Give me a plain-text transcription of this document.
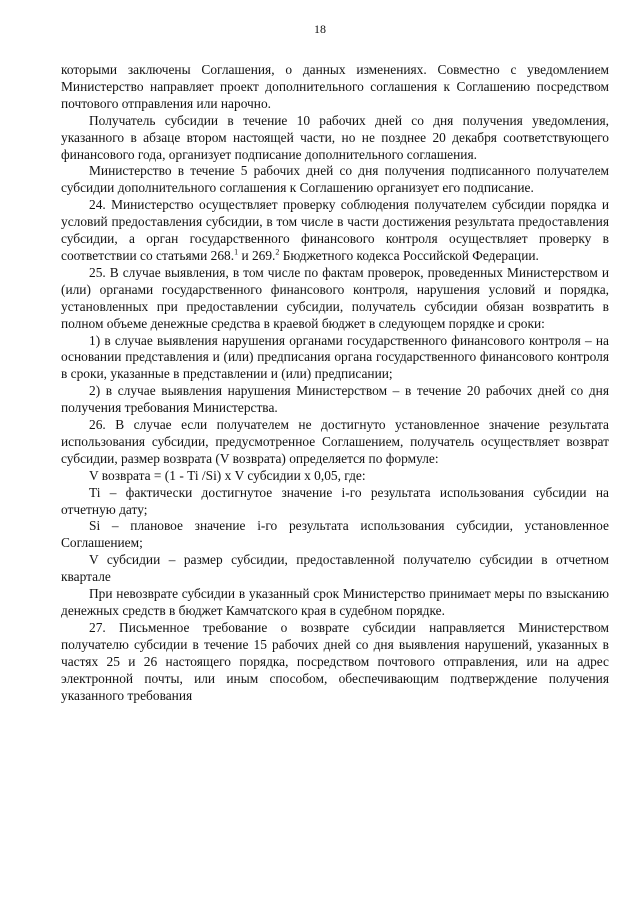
18

которыми заключены Соглашения, о данных изменениях. Совместно с уведомлением Министерство направляет проект дополнительного соглашения к Соглашению посредством почтового отправления или нарочно.

Получатель субсидии в течение 10 рабочих дней со дня получения уведомления, указанного в абзаце втором настоящей части, но не позднее 20 декабря соответствующего финансового года, организует подписание дополнительного соглашения.

Министерство в течение 5 рабочих дней со дня получения подписанного получателем субсидии дополнительного соглашения к Соглашению организует его подписание.

24. Министерство осуществляет проверку соблюдения получателем субсидии порядка и условий предоставления субсидии, в том числе в части достижения результата предоставления субсидии, а орган государственного финансового контроля осуществляет проверку в соответствии со статьями 268.$^1$ и 269.$^2$ Бюджетного кодекса Российской Федерации.

25. В случае выявления, в том числе по фактам проверок, проведенных Министерством и (или) органами государственного финансового контроля, нарушения условий и порядка, установленных при предоставлении субсидии, получатель субсидии обязан возвратить в полном объеме денежные средства в краевой бюджет в следующем порядке и сроки:

1) в случае выявления нарушения органами государственного финансового контроля – на основании представления и (или) предписания органа государственного финансового контроля в сроки, указанные в представлении и (или) предписании;

2) в случае выявления нарушения Министерством – в течение 20 рабочих дней со дня получения требования Министерства.

26. В случае если получателем не достигнуто установленное значение результата использования субсидии, предусмотренное Соглашением, получатель осуществляет возврат субсидии, размер возврата (V возврата) определяется по формуле:

V возврата = (1 - Ti /Si) х V субсидии х 0,05, где:

Ti – фактически достигнутое значение i-го результата использования субсидии на отчетную дату;

Si – плановое значение i-го результата использования субсидии, установленное Соглашением;

V субсидии – размер субсидии, предоставленной получателю субсидии в отчетном квартале

При невозврате субсидии в указанный срок Министерство принимает меры по взысканию денежных средств в бюджет Камчатского края в судебном порядке.

27. Письменное требование о возврате субсидии направляется Министерством получателю субсидии в течение 15 рабочих дней со дня выявления нарушений, указанных в частях 25 и 26 настоящего порядка, посредством почтового отправления, или на адрес электронной почты, или иным способом, обеспечивающим подтверждение получения указанного требования
